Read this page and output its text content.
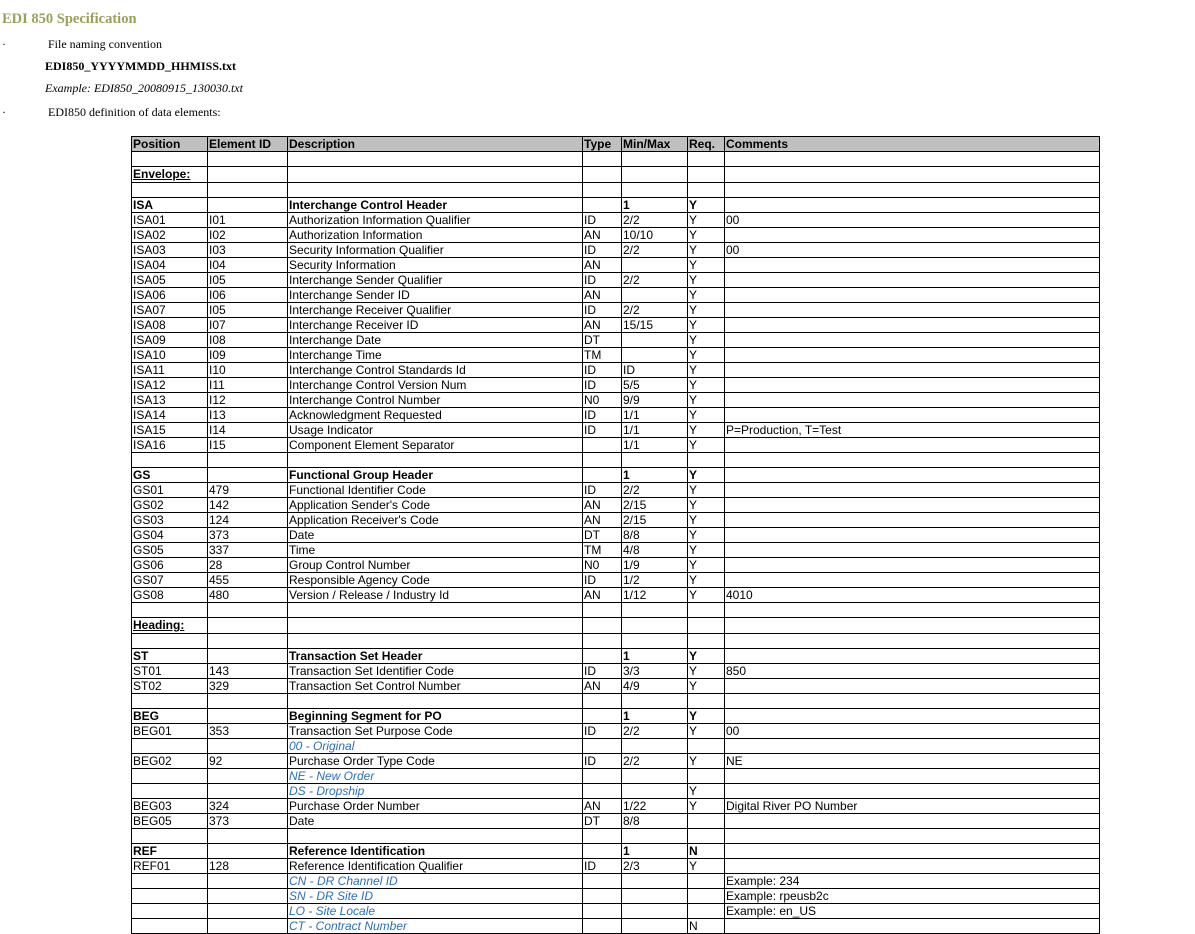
EDI 850 Specification
·	File naming convention
EDI850_YYYYMMDD_HHMISS.txt
Example: EDI850_20080915_130030.txt
·	EDI850 definition of data elements:
Position	Element ID	Description	Type	Min/Max	Req.	Comments

Envelope:						

ISA		Interchange Control Header		1	Y	
ISA01	I01	Authorization Information Qualifier	ID	2/2	Y	00
ISA02	I02	Authorization Information	AN	10/10	Y	
ISA03	I03	Security Information Qualifier	ID	2/2	Y	00
ISA04	I04	Security Information	AN		Y	
ISA05	I05	Interchange Sender Qualifier	ID	2/2	Y	
ISA06	I06	Interchange Sender ID	AN		Y	
ISA07	I05	Interchange Receiver Qualifier	ID	2/2	Y	
ISA08	I07	Interchange Receiver ID	AN	15/15	Y	
ISA09	I08	Interchange Date	DT		Y	
ISA10	I09	Interchange Time	TM		Y	
ISA11	I10	Interchange Control Standards Id	ID	ID	Y	
ISA12	I11	Interchange Control Version Num	ID	5/5	Y	
ISA13	I12	Interchange Control Number	N0	9/9	Y	
ISA14	I13	Acknowledgment Requested	ID	1/1	Y	
ISA15	I14	Usage Indicator	ID	1/1	Y	P=Production, T=Test
ISA16	I15	Component Element Separator		1/1	Y	

GS		Functional Group Header		1	Y	
GS01	479	Functional Identifier Code	ID	2/2	Y	
GS02	142	Application Sender's Code	AN	2/15	Y	
GS03	124	Application Receiver's Code	AN	2/15	Y	
GS04	373	Date	DT	8/8	Y	
GS05	337	Time	TM	4/8	Y	
GS06	28	Group Control Number	N0	1/9	Y	
GS07	455	Responsible Agency Code	ID	1/2	Y	
GS08	480	Version / Release / Industry Id	AN	1/12	Y	4010

Heading:						

ST		Transaction Set Header		1	Y	
ST01	143	Transaction Set Identifier Code	ID	3/3	Y	850
ST02	329	Transaction Set Control Number	AN	4/9	Y	

BEG		Beginning Segment for PO		1	Y	
BEG01	353	Transaction Set Purpose Code	ID	2/2	Y	00
		00 - Original				
BEG02	92	Purchase Order Type Code	ID	2/2	Y	NE
		NE - New Order				
		DS - Dropship			Y	
BEG03	324	Purchase Order Number	AN	1/22	Y	Digital River PO Number
BEG05	373	Date	DT	8/8		

REF		Reference Identification		1	N	
REF01	128	Reference Identification Qualifier	ID	2/3	Y	
		CN - DR Channel ID				Example: 234
		SN - DR Site ID				Example: rpeusb2c
		LO - Site Locale				Example: en_US
		CT - Contract Number			N	
